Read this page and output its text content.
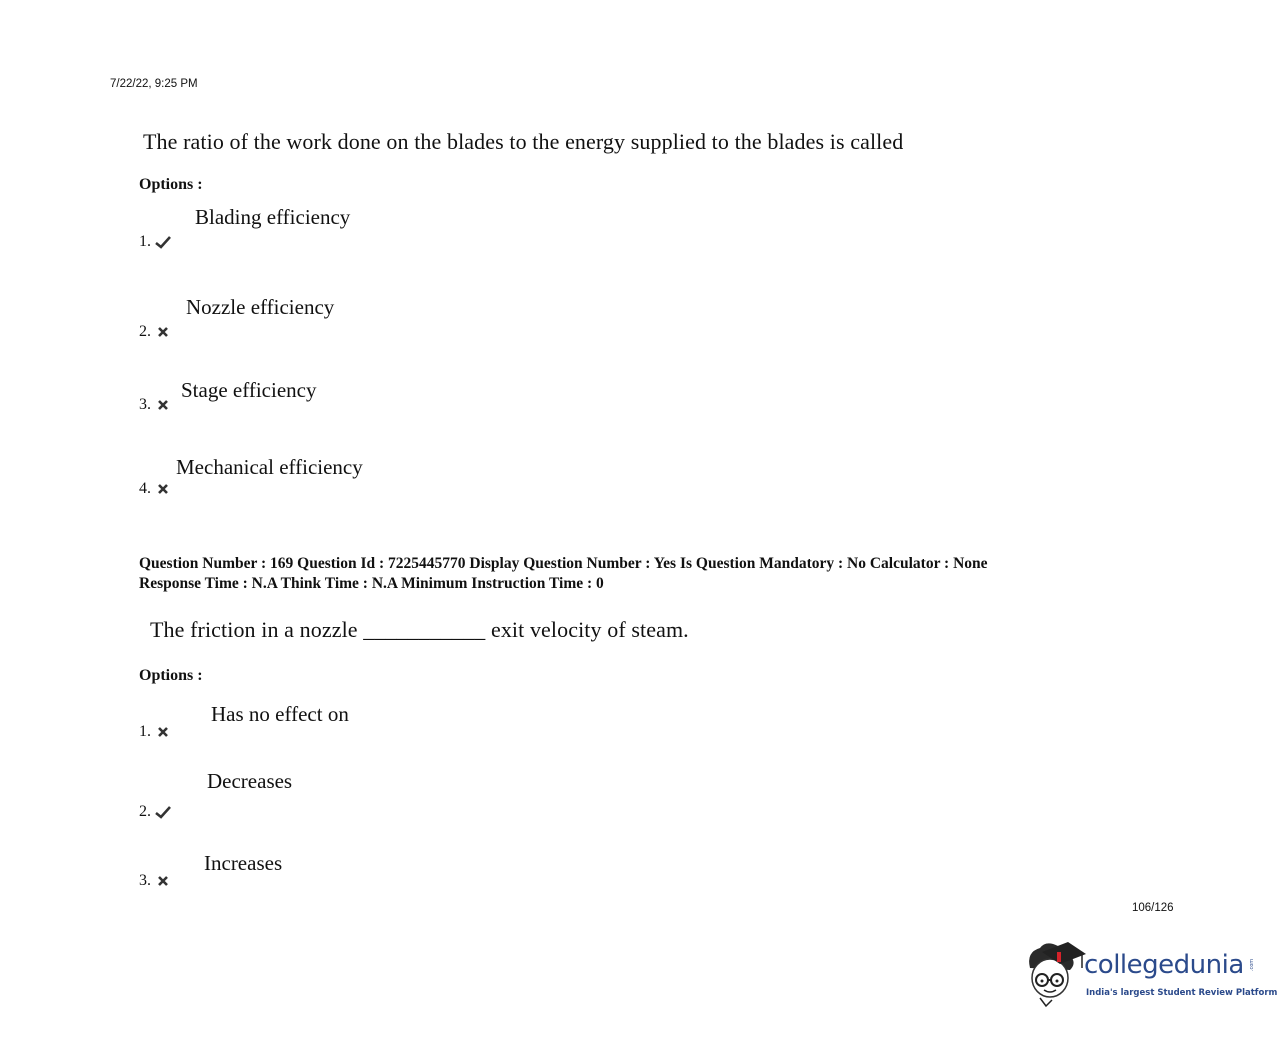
7/22/22, 9:25 PM
The ratio of the work done on the blades to the energy supplied to the blades is called
Options :
Blading efficiency
1.
Nozzle efficiency
2.
Stage efficiency
3.
Mechanical efficiency
4.
Question Number : 169 Question Id : 7225445770 Display Question Number : Yes Is Question Mandatory : No Calculator : None
Response Time : N.A Think Time : N.A Minimum Instruction Time : 0
The friction in a nozzle ___________ exit velocity of steam.
Options :
Has no effect on
1.
Decreases
2.
Increases
3.
106/126
collegedunia .com
India's largest Student Review Platform
